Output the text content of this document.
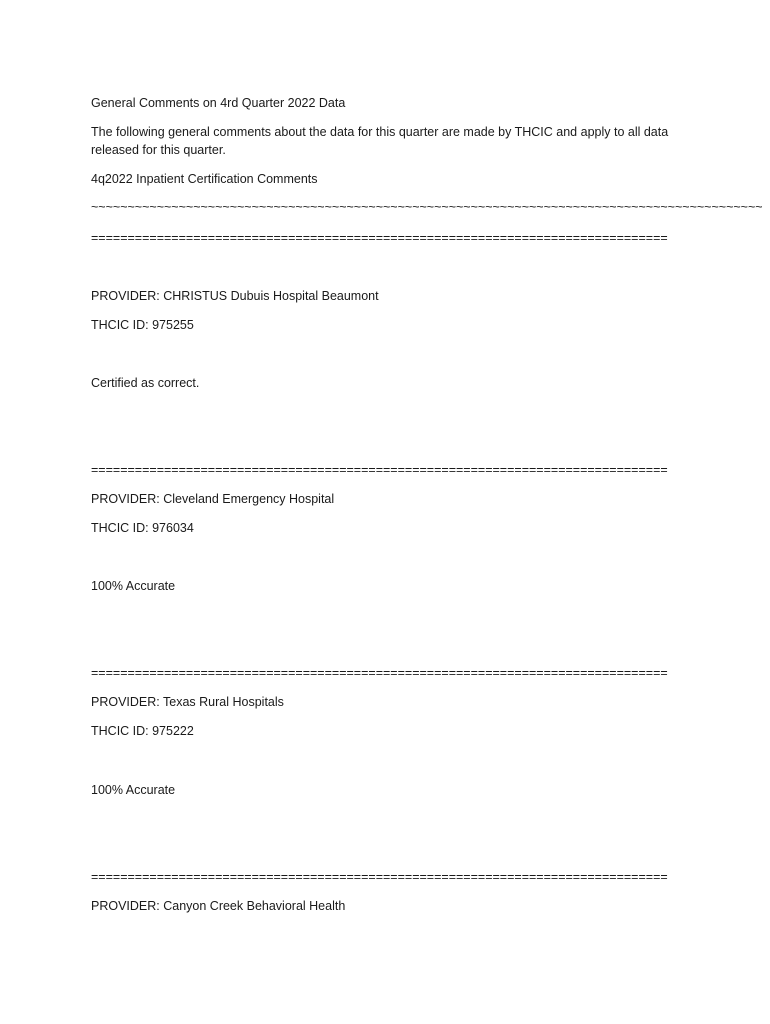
General Comments on 4rd Quarter 2022 Data
The following general comments about the data for this quarter are made by THCIC and apply to all data released for this quarter.
4q2022 Inpatient Certification Comments
~~~~~~~~~~~~~~~~~~~~~~~~~~~~~~~~~~~~~~~~~~~~~~~~~~~~~~~~~~~~~~~~~~~~~~~~~~~~~~~~~~~~~~~~~~~~
===============================================================================
PROVIDER: CHRISTUS Dubuis Hospital Beaumont
THCIC ID: 975255
Certified as correct.
===============================================================================
PROVIDER: Cleveland Emergency Hospital
THCIC ID: 976034
100% Accurate
===============================================================================
PROVIDER: Texas Rural Hospitals
THCIC ID: 975222
100% Accurate
===============================================================================
PROVIDER: Canyon Creek Behavioral Health
